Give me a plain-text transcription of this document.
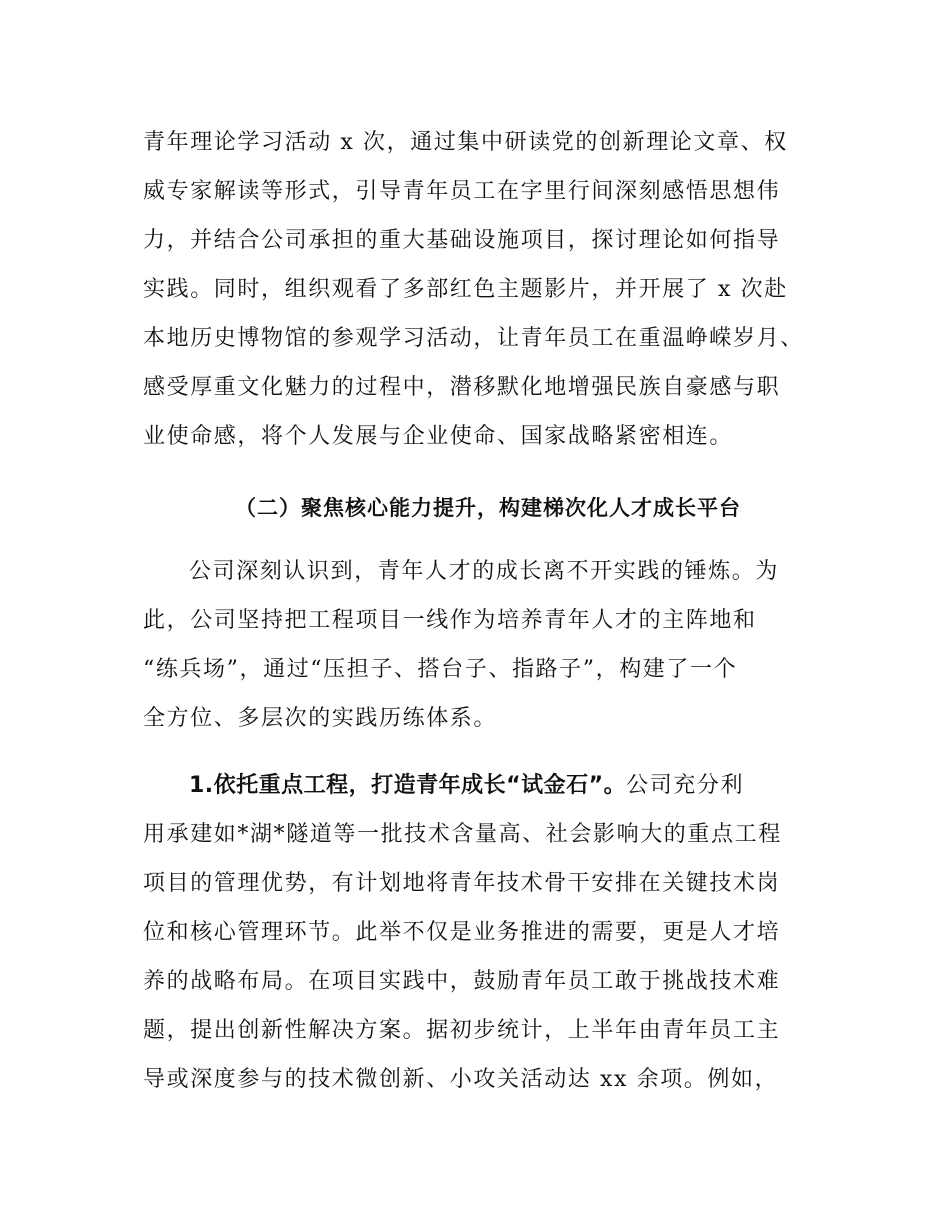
青年理论学习活动 x 次，通过集中研读党的创新理论文章、权
威专家解读等形式，引导青年员工在字里行间深刻感悟思想伟
力，并结合公司承担的重大基础设施项目，探讨理论如何指导
实践。同时，组织观看了多部红色主题影片，并开展了 x 次赴
本地历史博物馆的参观学习活动，让青年员工在重温峥嵘岁月、
感受厚重文化魅力的过程中，潜移默化地增强民族自豪感与职
业使命感，将个人发展与企业使命、国家战略紧密相连。
（二）聚焦核心能力提升，构建梯次化人才成长平台
公司深刻认识到，青年人才的成长离不开实践的锤炼。为
此，公司坚持把工程项目一线作为培养青年人才的主阵地和
“练兵场”，通过“压担子、搭台子、指路子”，构建了一个
全方位、多层次的实践历练体系。
1.依托重点工程，打造青年成长“试金石”。公司充分利
用承建如*湖*隧道等一批技术含量高、社会影响大的重点工程
项目的管理优势，有计划地将青年技术骨干安排在关键技术岗
位和核心管理环节。此举不仅是业务推进的需要，更是人才培
养的战略布局。在项目实践中，鼓励青年员工敢于挑战技术难
题，提出创新性解决方案。据初步统计，上半年由青年员工主
导或深度参与的技术微创新、小攻关活动达 xx 余项。例如，
